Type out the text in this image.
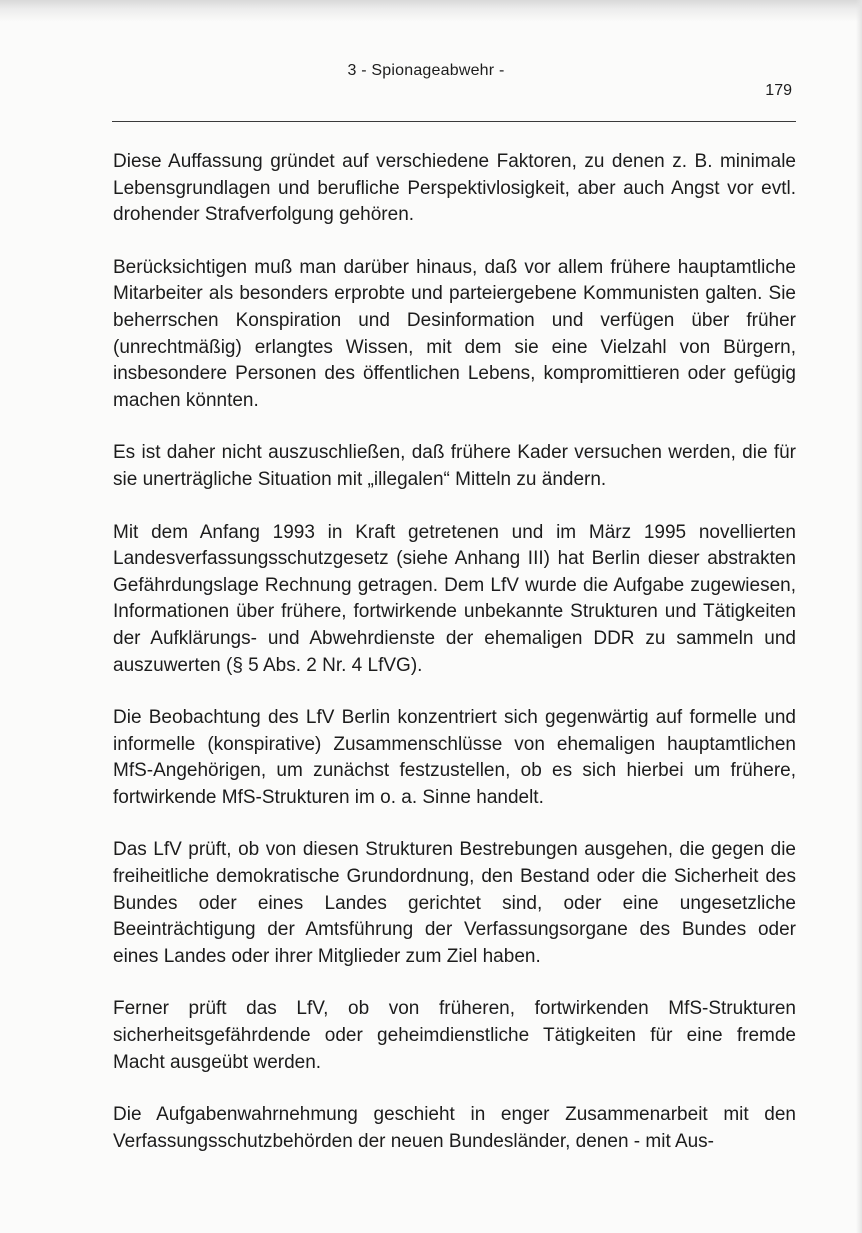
3 - Spionageabwehr -
179

Diese Auffassung gründet auf verschiedene Faktoren, zu denen z. B. minimale Lebensgrundlagen und berufliche Perspektivlosigkeit, aber auch Angst vor evtl. drohender Strafverfolgung gehören.

Berücksichtigen muß man darüber hinaus, daß vor allem frühere hauptamtliche Mitarbeiter als besonders erprobte und parteiergebene Kommunisten galten. Sie beherrschen Konspiration und Desinformation und verfügen über früher (unrechtmäßig) erlangtes Wissen, mit dem sie eine Vielzahl von Bürgern, insbesondere Personen des öffentlichen Lebens, kompromittieren oder gefügig machen könnten.

Es ist daher nicht auszuschließen, daß frühere Kader versuchen werden, die für sie unerträgliche Situation mit „illegalen“ Mitteln zu ändern.

Mit dem Anfang 1993 in Kraft getretenen und im März 1995 novellierten Landesverfassungsschutzgesetz (siehe Anhang III) hat Berlin dieser abstrakten Gefährdungslage Rechnung getragen. Dem LfV wurde die Aufgabe zugewiesen, Informationen über frühere, fortwirkende unbekannte Strukturen und Tätigkeiten der Aufklärungs- und Abwehrdienste der ehemaligen DDR zu sammeln und auszuwerten (§ 5 Abs. 2 Nr. 4 LfVG).

Die Beobachtung des LfV Berlin konzentriert sich gegenwärtig auf formelle und informelle (konspirative) Zusammenschlüsse von ehemaligen hauptamtlichen MfS-Angehörigen, um zunächst festzustellen, ob es sich hierbei um frühere, fortwirkende MfS-Strukturen im o. a. Sinne handelt.

Das LfV prüft, ob von diesen Strukturen Bestrebungen ausgehen, die gegen die freiheitliche demokratische Grundordnung, den Bestand oder die Sicherheit des Bundes oder eines Landes gerichtet sind, oder eine ungesetzliche Beeinträchtigung der Amtsführung der Verfassungsorgane des Bundes oder eines Landes oder ihrer Mitglieder zum Ziel haben.

Ferner prüft das LfV, ob von früheren, fortwirkenden MfS-Strukturen sicherheitsgefährdende oder geheimdienstliche Tätigkeiten für eine fremde Macht ausgeübt werden.

Die Aufgabenwahrnehmung geschieht in enger Zusammenarbeit mit den Verfassungsschutzbehörden der neuen Bundesländer, denen - mit Aus-
